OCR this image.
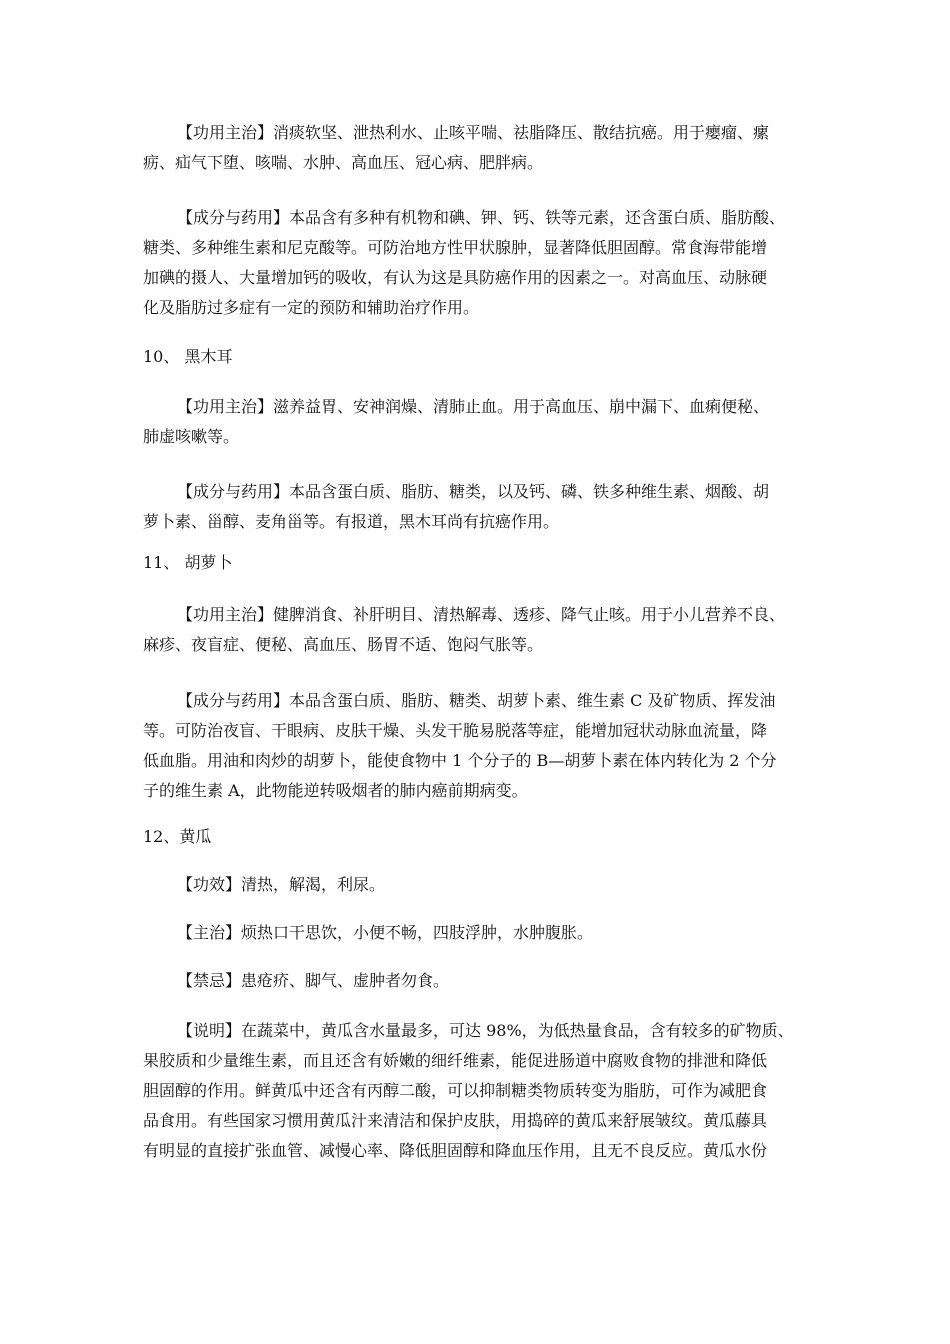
【功用主治】消痰软坚、泄热利水、止咳平喘、祛脂降压、散结抗癌。用于瘿瘤、瘰
疬、疝气下堕、咳喘、水肿、高血压、冠心病、肥胖病。
【成分与药用】本品含有多种有机物和碘、钾、钙、铁等元素，还含蛋白质、脂肪酸、
糖类、多种维生素和尼克酸等。可防治地方性甲状腺肿，显著降低胆固醇。常食海带能增
加碘的摄人、大量增加钙的吸收，有认为这是具防癌作用的因素之一。对高血压、动脉硬
化及脂肪过多症有一定的预防和辅助治疗作用。
10、 黑木耳
【功用主治】滋养益胃、安神润燥、清肺止血。用于高血压、崩中漏下、血痢便秘、
肺虚咳嗽等。
【成分与药用】本品含蛋白质、脂肪、糖类，以及钙、磷、铁多种维生素、烟酸、胡
萝卜素、甾醇、麦角甾等。有报道，黑木耳尚有抗癌作用。
11、 胡萝卜
【功用主治】健脾消食、补肝明目、清热解毒、透疹、降气止咳。用于小儿营养不良、
麻疹、夜盲症、便秘、高血压、肠胃不适、饱闷气胀等。
【成分与药用】本品含蛋白质、脂肪、糖类、胡萝卜素、维生素 C 及矿物质、挥发油
等。可防治夜盲、干眼病、皮肤干燥、头发干脆易脱落等症，能增加冠状动脉血流量，降
低血脂。用油和肉炒的胡萝卜，能使食物中 1 个分子的 B—胡萝卜素在体内转化为 2 个分
子的维生素 A，此物能逆转吸烟者的肺内癌前期病变。
12、黄瓜
【功效】清热，解渴，利尿。
【主治】烦热口干思饮，小便不畅，四肢浮肿，水肿腹胀。
【禁忌】患疮疥、脚气、虚肿者勿食。
【说明】在蔬菜中，黄瓜含水量最多，可达 98%，为低热量食品，含有较多的矿物质、
果胶质和少量维生素，而且还含有娇嫩的细纤维素，能促进肠道中腐败食物的排泄和降低
胆固醇的作用。鲜黄瓜中还含有丙醇二酸，可以抑制糖类物质转变为脂肪，可作为减肥食
品食用。有些国家习惯用黄瓜汁来清洁和保护皮肤，用捣碎的黄瓜来舒展皱纹。黄瓜藤具
有明显的直接扩张血管、减慢心率、降低胆固醇和降血压作用，且无不良反应。黄瓜水份
